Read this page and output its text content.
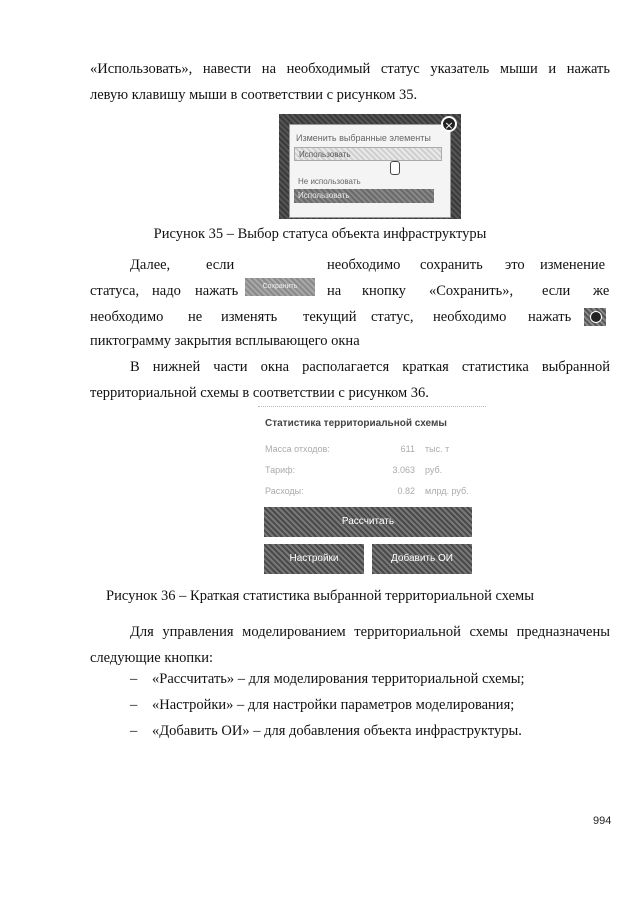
«Использовать», навести на необходимый статус указатель мыши и нажать
левую клавишу мыши в соответствии с рисунком 35.
Изменить выбранные элементы
Использовать
Не использовать
Использовать
×
Рисунок 35 – Выбор статуса объекта инфраструктуры
Далее, если	необходимо сохранить это изменение
статуса, надо нажать	Сохранить	на кнопку «Сохранить», если же
необходимо не изменять текущий статус, необходимо нажать
пиктограмму закрытия всплывающего окна
В нижней части окна располагается краткая статистика выбранной
территориальной схемы в соответствии с рисунком 36.
Статистика территориальной схемы
Масса отходов:	611 тыс. т
Тариф:	3.063 руб.
Расходы:	0.82 млрд. руб.
Рассчитать
Настройки	Добавить ОИ
Рисунок 36 – Краткая статистика выбранной территориальной схемы
Для управления моделированием территориальной схемы предназначены
следующие кнопки:
– «Рассчитать» – для моделирования территориальной схемы;
– «Настройки» – для настройки параметров моделирования;
– «Добавить ОИ» – для добавления объекта инфраструктуры.
994
